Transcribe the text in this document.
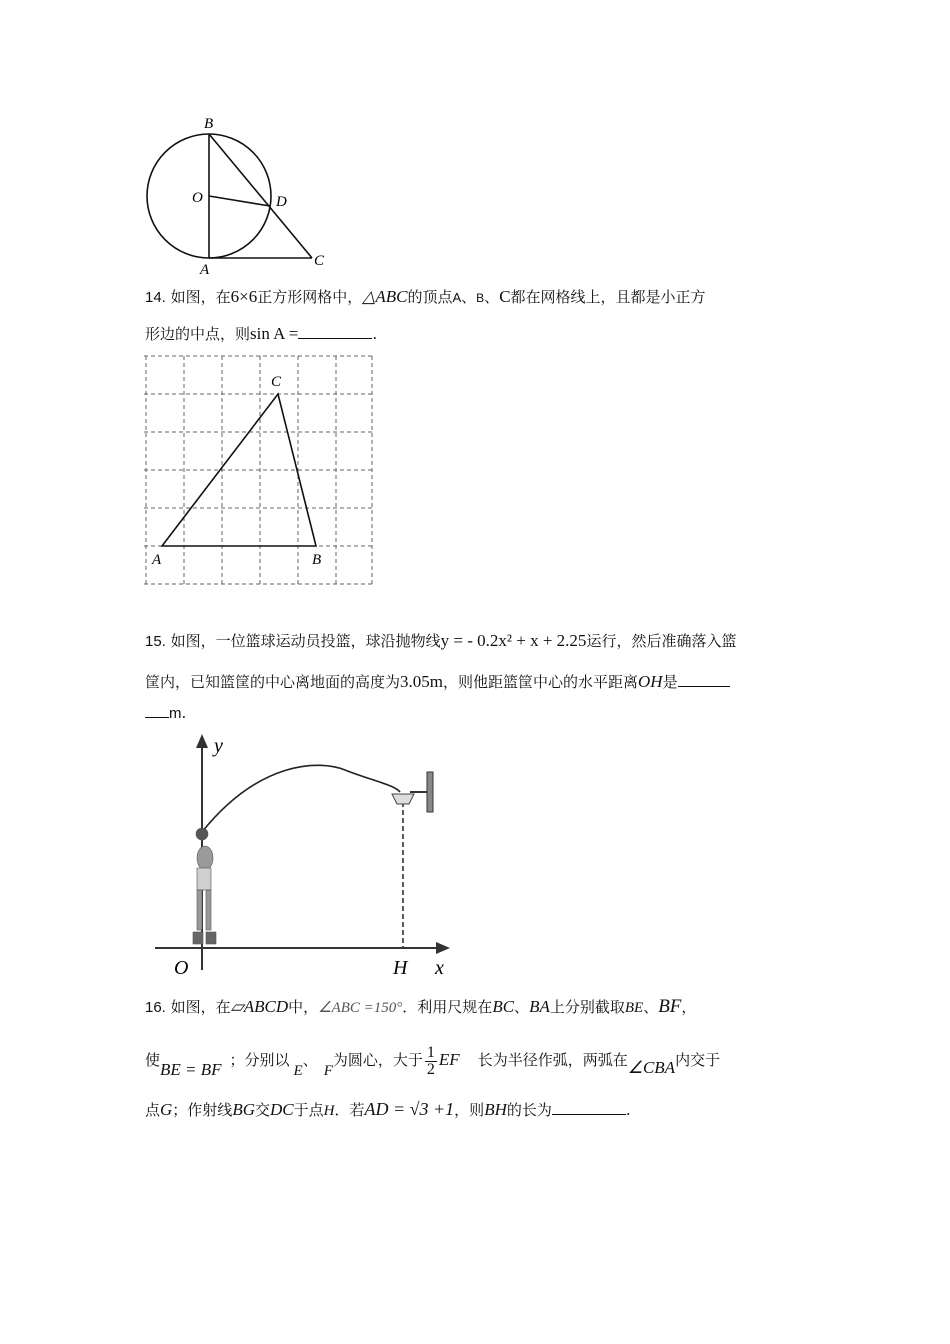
B
O	D
A
C
14. 如图，在6×6正方形网格中，△ABC的顶点A、B、C都在网格线上，且都是小正方
形边的中点，则sin A =	.
A	B
C
15. 如图，一位篮球运动员投篮，球沿抛物线y = - 0.2x² + x + 2.25运行，然后准确落入篮
筐内，已知篮筐的中心离地面的高度为3.05m，则他距篮筐中心的水平距离OH是
m.
y
O	H x
16. 如图，在▱ABCD中，∠ABC =150°．利用尺规在BC、BA上分别截取BE、BF，
使BE = BF ；分别以E、F为圆心，大于 $\frac{1}{2}$ EF 长为半径作弧，两弧在∠CBA内交于
点G；作射线BG交DC于点H．若AD = √3 +1，则BH的长为	.
